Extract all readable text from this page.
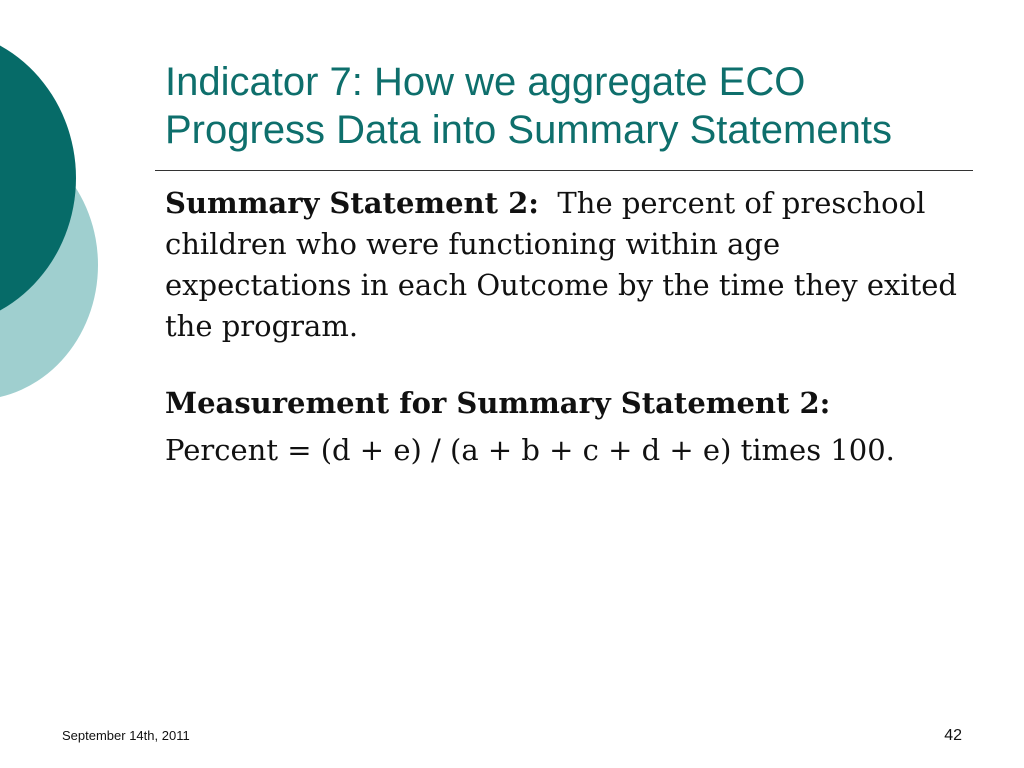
Indicator 7: How we aggregate ECO
Progress Data into Summary Statements

Summary Statement 2: The percent of preschool children who were functioning within age expectations in each Outcome by the time they exited the program.

Measurement for Summary Statement 2:

Percent = (d + e) / (a + b + c + d + e) times 100.

September 14th, 2011	42
